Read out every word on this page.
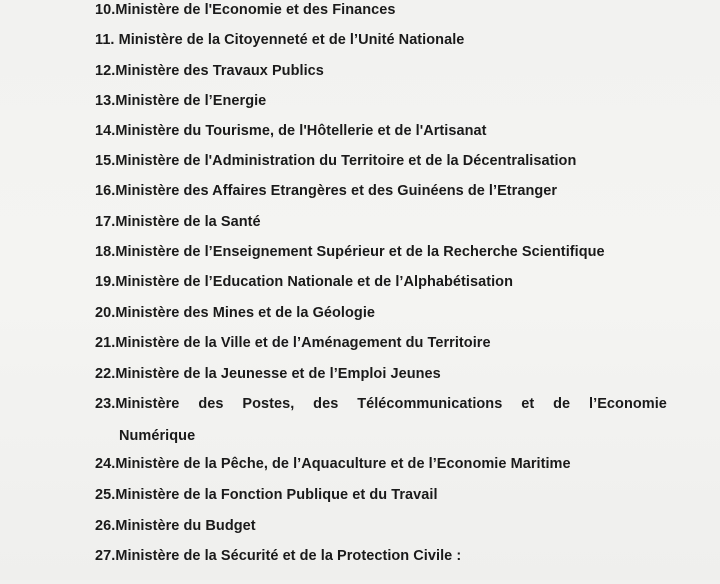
10.Ministère de l'Economie et des Finances
11. Ministère de la Citoyenneté et de l’Unité Nationale
12.Ministère des Travaux Publics
13.Ministère de l’Energie
14.Ministère du Tourisme, de l'Hôtellerie et de l'Artisanat
15.Ministère de l'Administration du Territoire et de la Décentralisation
16.Ministère des Affaires Etrangères et des Guinéens de l’Etranger
17.Ministère de la Santé
18.Ministère de l’Enseignement Supérieur et de la Recherche Scientifique
19.Ministère de l’Education Nationale et de l’Alphabétisation
20.Ministère des Mines et de la Géologie
21.Ministère de la Ville et de l’Aménagement du Territoire
22.Ministère de la Jeunesse et de l’Emploi Jeunes
23.Ministère des Postes, des Télécommunications et de l’Economie
Numérique
24.Ministère de la Pêche, de l’Aquaculture et de l’Economie Maritime
25.Ministère de la Fonction Publique et du Travail
26.Ministère du Budget
27.Ministère de la Sécurité et de la Protection Civile :
